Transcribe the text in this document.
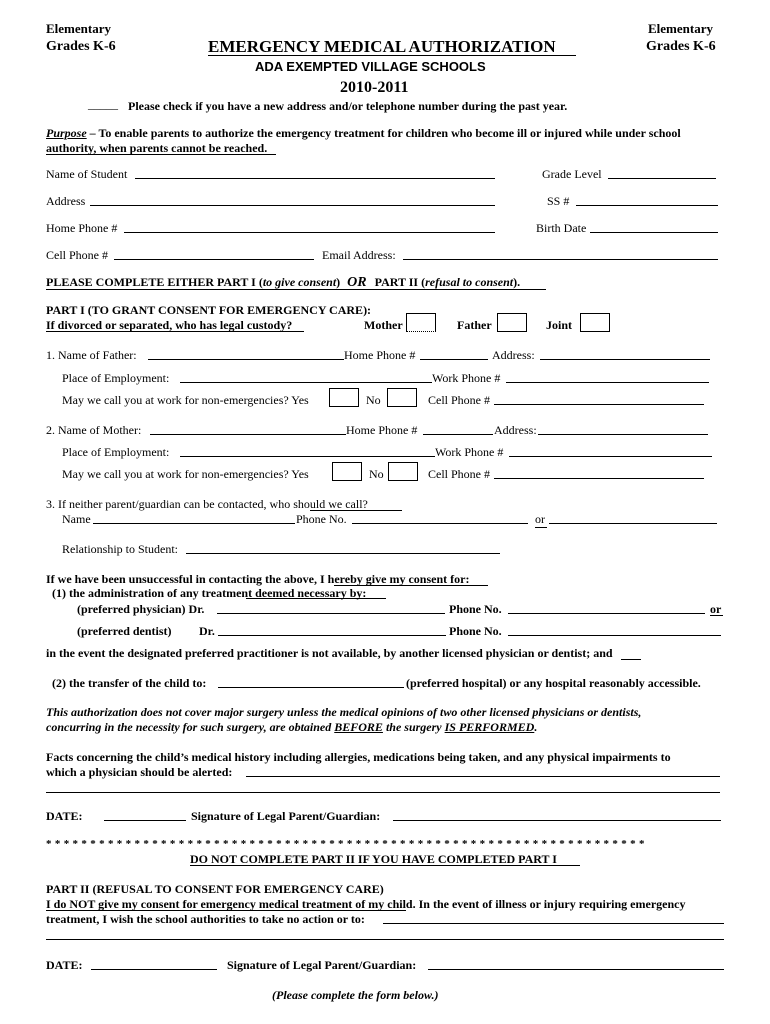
Elementary
Grades K-6
Elementary
Grades K-6
EMERGENCY MEDICAL AUTHORIZATION
ADA EXEMPTED VILLAGE SCHOOLS
2010-2011
_____ Please check if you have a new address and/or telephone number during the past year.
Purpose – To enable parents to authorize the emergency treatment for children who become ill or injured while under school
authority, when parents cannot be reached.
Name of Student	Grade Level
Address	SS #
Home Phone #	Birth Date
Cell Phone #	Email Address:
PLEASE COMPLETE EITHER PART I (to give consent) OR PART II (refusal to consent).
PART I (TO GRANT CONSENT FOR EMERGENCY CARE):
If divorced or separated, who has legal custody?	Mother	Father	Joint
1. Name of Father:	Home Phone #	Address:
Place of Employment:	Work Phone #
May we call you at work for non-emergencies? Yes	No	Cell Phone #
2. Name of Mother:	Home Phone #	Address:
Place of Employment:	Work Phone #
May we call you at work for non-emergencies? Yes	No	Cell Phone #
3. If neither parent/guardian can be contacted, who should we call?
Name	Phone No.	or
Relationship to Student:
If we have been unsuccessful in contacting the above, I hereby give my consent for:
(1) the administration of any treatment deemed necessary by:
(preferred physician) Dr.	Phone No.	or
(preferred dentist) Dr.	Phone No.
in the event the designated preferred practitioner is not available, by another licensed physician or dentist; and
(2) the transfer of the child to:	(preferred hospital) or any hospital reasonably accessible.
This authorization does not cover major surgery unless the medical opinions of two other licensed physicians or dentists,
concurring in the necessity for such surgery, are obtained BEFORE the surgery IS PERFORMED.
Facts concerning the child’s medical history including allergies, medications being taken, and any physical impairments to
which a physician should be alerted:
DATE:	Signature of Legal Parent/Guardian:
* * * * * * * * * * * * * * * * * * * * * * * * * * * * * * * * * * * * * * * * * * * * * * * * * * * * * * * * * * * * * * * * * * * *
DO NOT COMPLETE PART II IF YOU HAVE COMPLETED PART I
PART II (REFUSAL TO CONSENT FOR EMERGENCY CARE)
I do NOT give my consent for emergency medical treatment of my child. In the event of illness or injury requiring emergency
treatment, I wish the school authorities to take no action or to:
DATE:	Signature of Legal Parent/Guardian:
(Please complete the form below.)
